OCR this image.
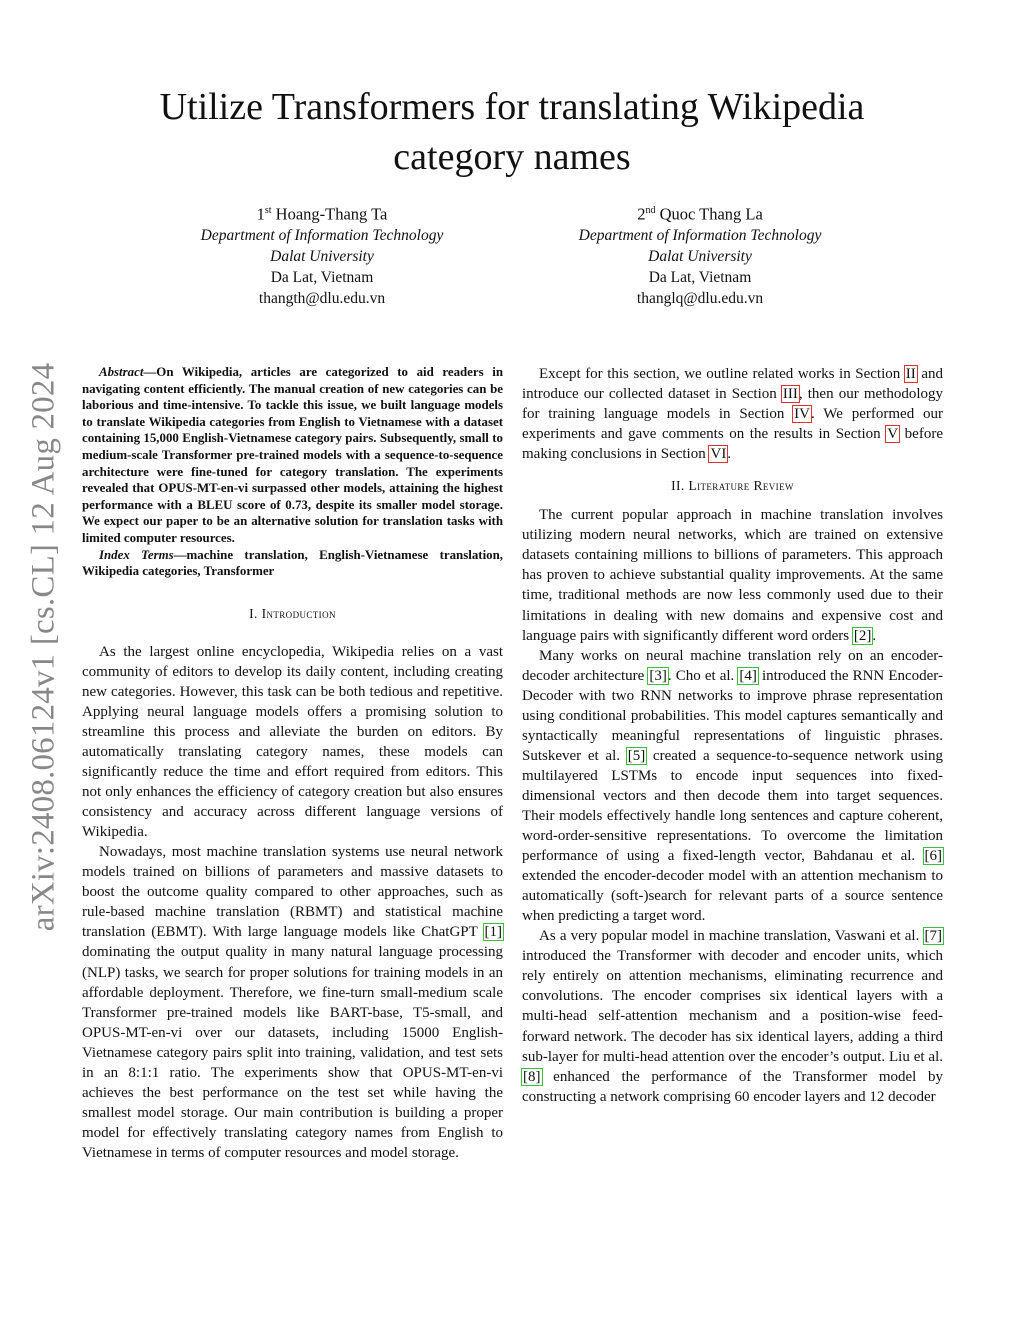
arXiv:2408.06124v1 [cs.CL] 12 Aug 2024
Utilize Transformers for translating Wikipedia category names
1st Hoang-Thang Ta
Department of Information Technology
Dalat University
Da Lat, Vietnam
thangth@dlu.edu.vn
2nd Quoc Thang La
Department of Information Technology
Dalat University
Da Lat, Vietnam
thanglq@dlu.edu.vn

Abstract—On Wikipedia, articles are categorized to aid readers in navigating content efficiently. The manual creation of new categories can be laborious and time-intensive. To tackle this issue, we built language models to translate Wikipedia categories from English to Vietnamese with a dataset containing 15,000 English-Vietnamese category pairs. Subsequently, small to medium-scale Transformer pre-trained models with a sequence-to-sequence architecture were fine-tuned for category translation. The experiments revealed that OPUS-MT-en-vi surpassed other models, attaining the highest performance with a BLEU score of 0.73, despite its smaller model storage. We expect our paper to be an alternative solution for translation tasks with limited computer resources.

Index Terms—machine translation, English-Vietnamese translation, Wikipedia categories, Transformer

I. Introduction

As the largest online encyclopedia, Wikipedia relies on a vast community of editors to develop its daily content, including creating new categories. However, this task can be both tedious and repetitive. Applying neural language models offers a promising solution to streamline this process and alleviate the burden on editors. By automatically translating category names, these models can significantly reduce the time and effort required from editors. This not only enhances the efficiency of category creation but also ensures consistency and accuracy across different language versions of Wikipedia.

Nowadays, most machine translation systems use neural network models trained on billions of parameters and massive datasets to boost the outcome quality compared to other approaches, such as rule-based machine translation (RBMT) and statistical machine translation (EBMT). With large language models like ChatGPT [1] dominating the output quality in many natural language processing (NLP) tasks, we search for proper solutions for training models in an affordable deployment. Therefore, we fine-turn small-medium scale Transformer pre-trained models like BART-base, T5-small, and OPUS-MT-en-vi over our datasets, including 15000 English-Vietnamese category pairs split into training, validation, and test sets in an 8:1:1 ratio. The experiments show that OPUS-MT-en-vi achieves the best performance on the test set while having the smallest model storage. Our main contribution is building a proper model for effectively translating category names from English to Vietnamese in terms of computer resources and model storage.

Except for this section, we outline related works in Section II and introduce our collected dataset in Section III, then our methodology for training language models in Section IV. We performed our experiments and gave comments on the results in Section V before making conclusions in Section VI.

II. Literature Review

The current popular approach in machine translation involves utilizing modern neural networks, which are trained on extensive datasets containing millions to billions of parameters. This approach has proven to achieve substantial quality improvements. At the same time, traditional methods are now less commonly used due to their limitations in dealing with new domains and expensive cost and language pairs with significantly different word orders [2].

Many works on neural machine translation rely on an encoder-decoder architecture [3]. Cho et al. [4] introduced the RNN Encoder-Decoder with two RNN networks to improve phrase representation using conditional probabilities. This model captures semantically and syntactically meaningful representations of linguistic phrases. Sutskever et al. [5] created a sequence-to-sequence network using multilayered LSTMs to encode input sequences into fixed-dimensional vectors and then decode them into target sequences. Their models effectively handle long sentences and capture coherent, word-order-sensitive representations. To overcome the limitation performance of using a fixed-length vector, Bahdanau et al. [6] extended the encoder-decoder model with an attention mechanism to automatically (soft-)search for relevant parts of a source sentence when predicting a target word.

As a very popular model in machine translation, Vaswani et al. [7] introduced the Transformer with decoder and encoder units, which rely entirely on attention mechanisms, eliminating recurrence and convolutions. The encoder comprises six identical layers with a multi-head self-attention mechanism and a position-wise feed-forward network. The decoder has six identical layers, adding a third sub-layer for multi-head attention over the encoder’s output. Liu et al. [8] enhanced the performance of the Transformer model by constructing a network comprising 60 encoder layers and 12 decoder
